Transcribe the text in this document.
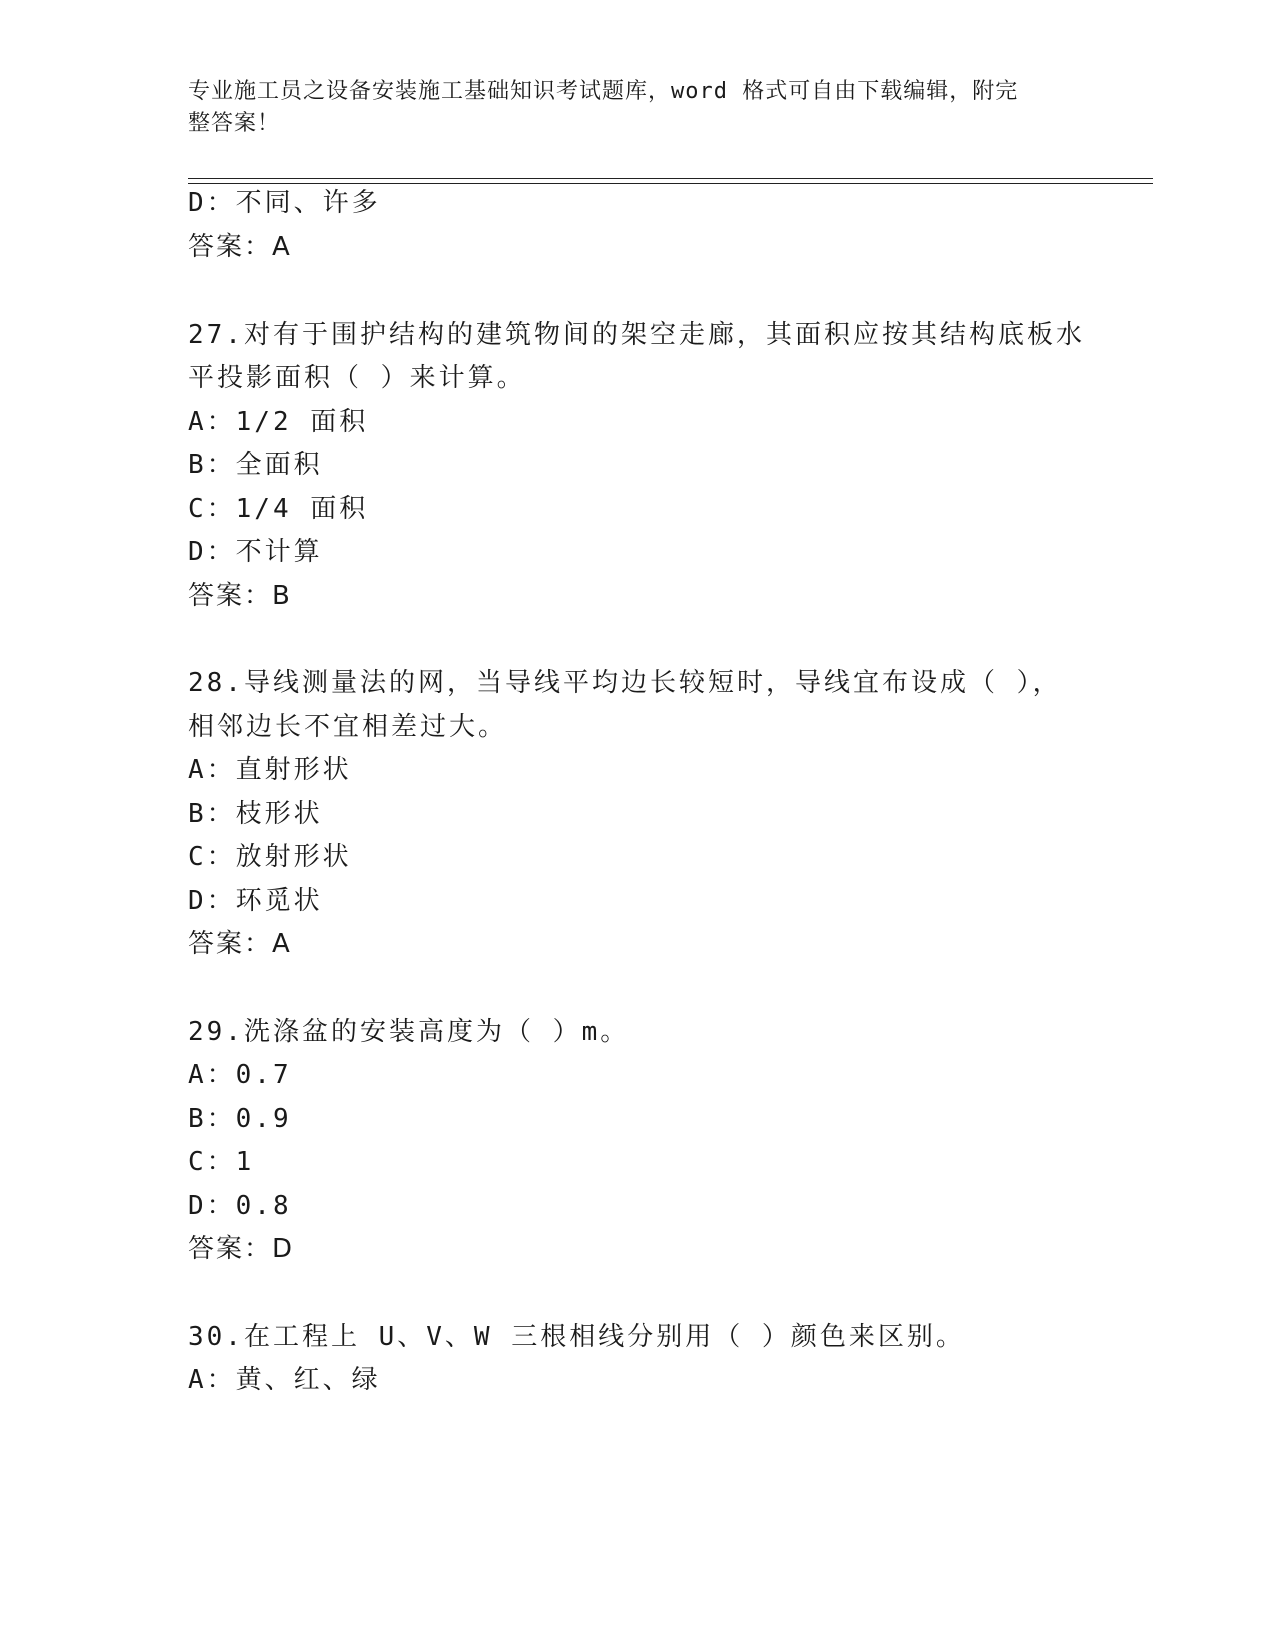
专业施工员之设备安装施工基础知识考试题库，word 格式可自由下载编辑，附完
整答案！
D：不同、许多
答案：A
27.对有于围护结构的建筑物间的架空走廊，其面积应按其结构底板水
平投影面积（ ）来计算。
A：1/2 面积
B：全面积
C：1/4 面积
D：不计算
答案：B
28.导线测量法的网，当导线平均边长较短时，导线宜布设成（ ），
相邻边长不宜相差过大。
A：直射形状
B：枝形状
C：放射形状
D：环觅状
答案：A
29.洗涤盆的安装高度为（ ）m。
A：0.7
B：0.9
C：1
D：0.8
答案：D
30.在工程上 U、V、W 三根相线分别用（ ）颜色来区别。
A：黄、红、绿
